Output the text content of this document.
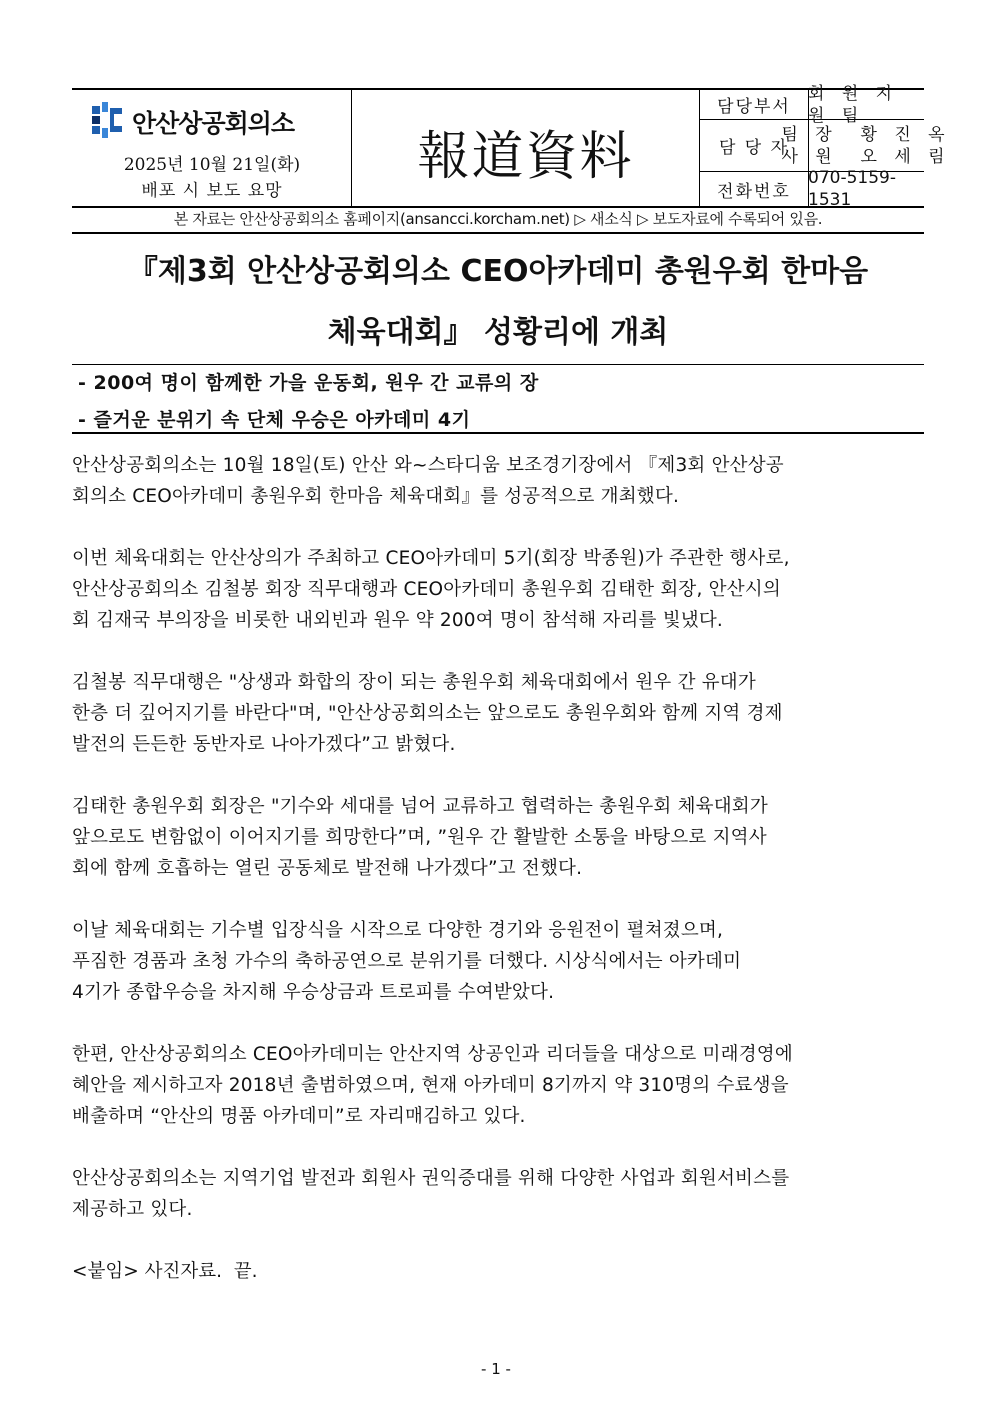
안산상공회의소
2025년 10월 21일(화)
배포 시 보도 요망
報道資料
담당부서
회 원 지 원 팀
담 당 자
팀 장  황 진 옥
사 원  오 세 림
전화번호
070-5159-1531
본 자료는 안산상공회의소 홈페이지(ansancci.korcham.net) ▷ 새소식 ▷ 보도자료에 수록되어 있음.
『제3회 안산상공회의소 CEO아카데미 총원우회 한마음
체육대회』 성황리에 개최
- 200여 명이 함께한 가을 운동회, 원우 간 교류의 장
- 즐거운 분위기 속 단체 우승은 아카데미 4기

안산상공회의소는 10월 18일(토) 안산 와~스타디움 보조경기장에서 『제3회 안산상공
회의소 CEO아카데미 총원우회 한마음 체육대회』를 성공적으로 개최했다.

이번 체육대회는 안산상의가 주최하고 CEO아카데미 5기(회장 박종원)가 주관한 행사로,
안산상공회의소 김철봉 회장 직무대행과 CEO아카데미 총원우회 김태한 회장, 안산시의
회 김재국 부의장을 비롯한 내외빈과 원우 약 200여 명이 참석해 자리를 빛냈다.

김철봉 직무대행은 "상생과 화합의 장이 되는 총원우회 체육대회에서 원우 간 유대가
한층 더 깊어지기를 바란다"며, "안산상공회의소는 앞으로도 총원우회와 함께 지역 경제
발전의 든든한 동반자로 나아가겠다”고 밝혔다.

김태한 총원우회 회장은 "기수와 세대를 넘어 교류하고 협력하는 총원우회 체육대회가
앞으로도 변함없이 이어지기를 희망한다”며, ”원우 간 활발한 소통을 바탕으로 지역사
회에 함께 호흡하는 열린 공동체로 발전해 나가겠다”고 전했다.

이날 체육대회는 기수별 입장식을 시작으로 다양한 경기와 응원전이 펼쳐졌으며,
푸짐한 경품과 초청 가수의 축하공연으로 분위기를 더했다. 시상식에서는 아카데미
4기가 종합우승을 차지해 우승상금과 트로피를 수여받았다.

한편, 안산상공회의소 CEO아카데미는 안산지역 상공인과 리더들을 대상으로 미래경영에
혜안을 제시하고자 2018년 출범하였으며, 현재 아카데미 8기까지 약 310명의 수료생을
배출하며 “안산의 명품 아카데미”로 자리매김하고 있다.

안산상공회의소는 지역기업 발전과 회원사 권익증대를 위해 다양한 사업과 회원서비스를
제공하고 있다.

<붙임> 사진자료.  끝.

- 1 -
